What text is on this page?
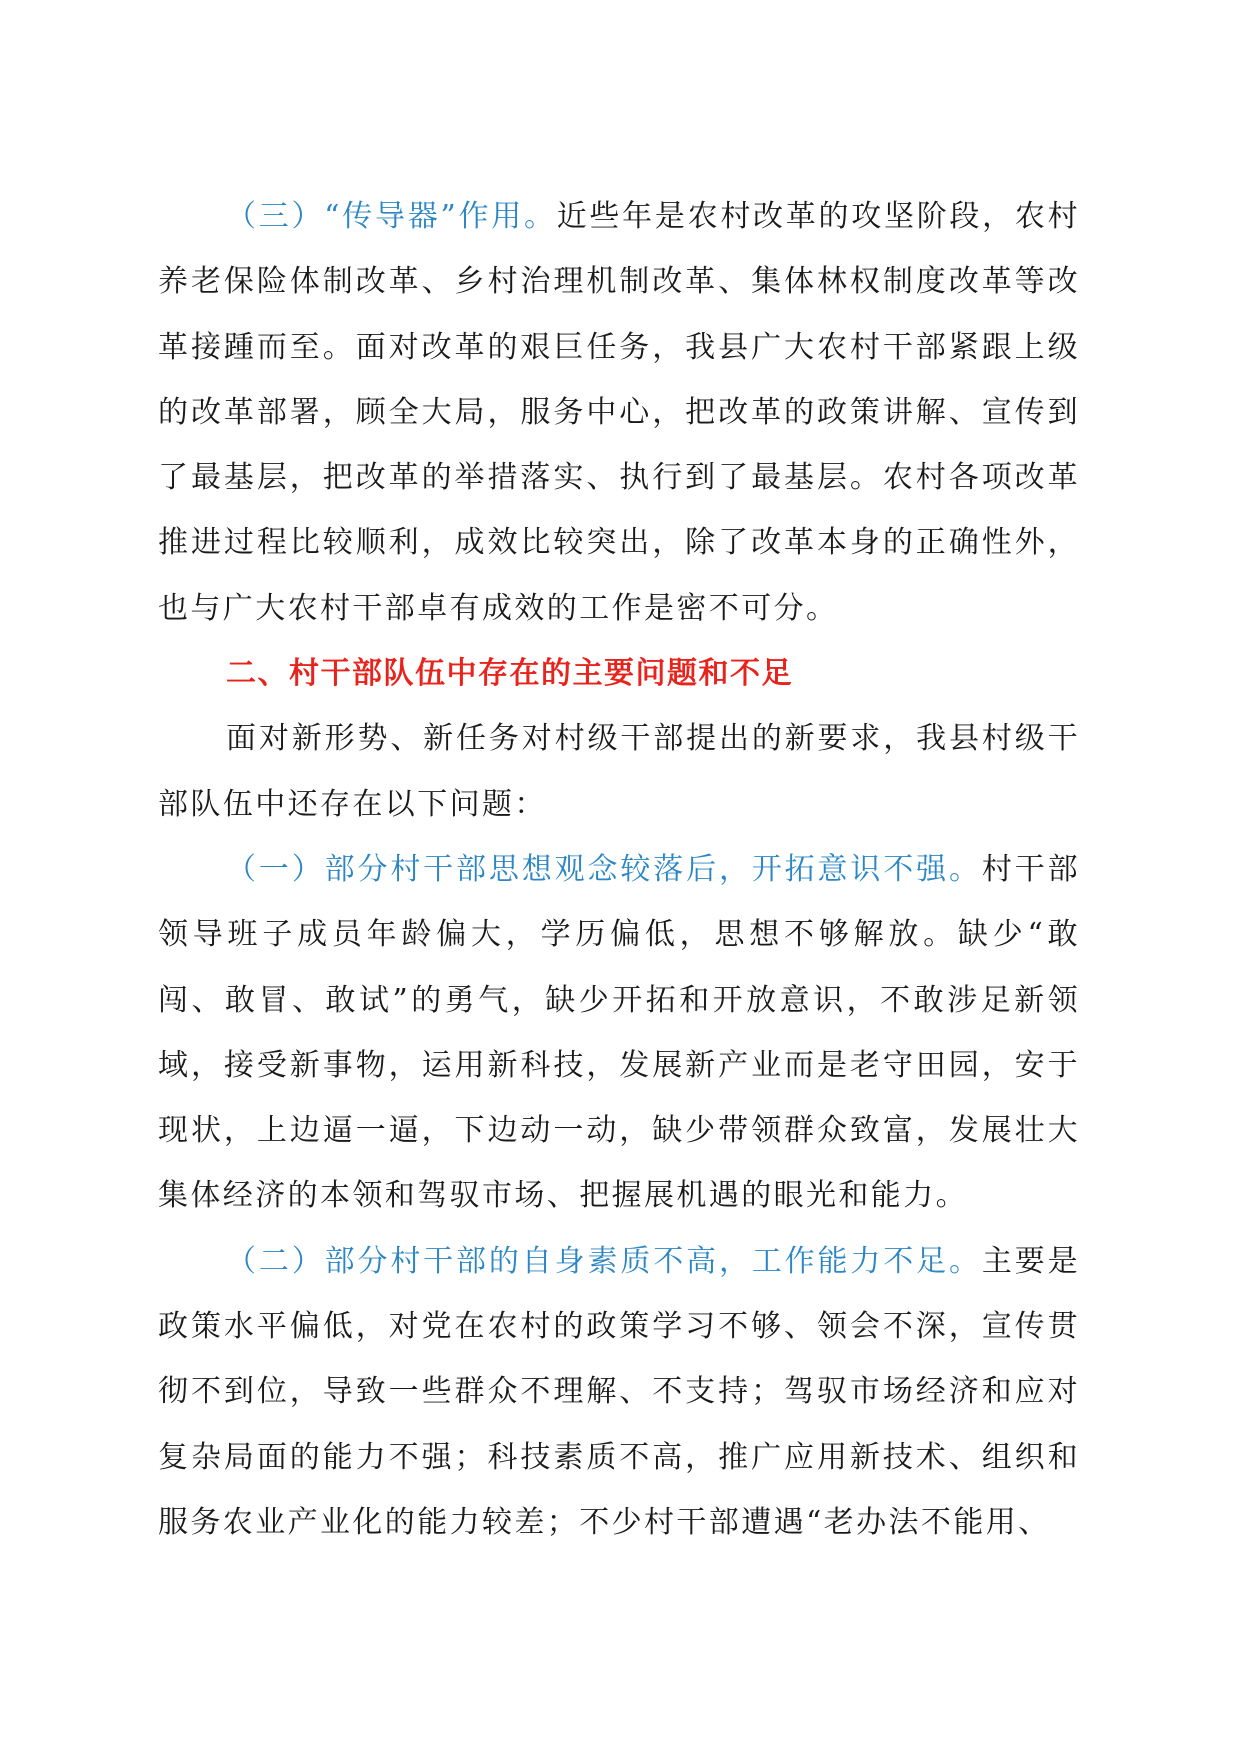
（三）“传导器”作用。近些年是农村改革的攻坚阶段，农村养老保险体制改革、乡村治理机制改革、集体林权制度改革等改革接踵而至。面对改革的艰巨任务，我县广大农村干部紧跟上级的改革部署，顾全大局，服务中心，把改革的政策讲解、宣传到了最基层，把改革的举措落实、执行到了最基层。农村各项改革推进过程比较顺利，成效比较突出，除了改革本身的正确性外，也与广大农村干部卓有成效的工作是密不可分。

二、村干部队伍中存在的主要问题和不足

面对新形势、新任务对村级干部提出的新要求，我县村级干部队伍中还存在以下问题：

（一）部分村干部思想观念较落后，开拓意识不强。村干部领导班子成员年龄偏大，学历偏低，思想不够解放。缺少“敢闯、敢冒、敢试”的勇气，缺少开拓和开放意识，不敢涉足新领域，接受新事物，运用新科技，发展新产业而是老守田园，安于现状，上边逼一逼，下边动一动，缺少带领群众致富，发展壮大集体经济的本领和驾驭市场、把握展机遇的眼光和能力。

（二）部分村干部的自身素质不高，工作能力不足。主要是政策水平偏低，对党在农村的政策学习不够、领会不深，宣传贯彻不到位，导致一些群众不理解、不支持；驾驭市场经济和应对复杂局面的能力不强；科技素质不高，推广应用新技术、组织和服务农业产业化的能力较差；不少村干部遭遇“老办法不能用、
